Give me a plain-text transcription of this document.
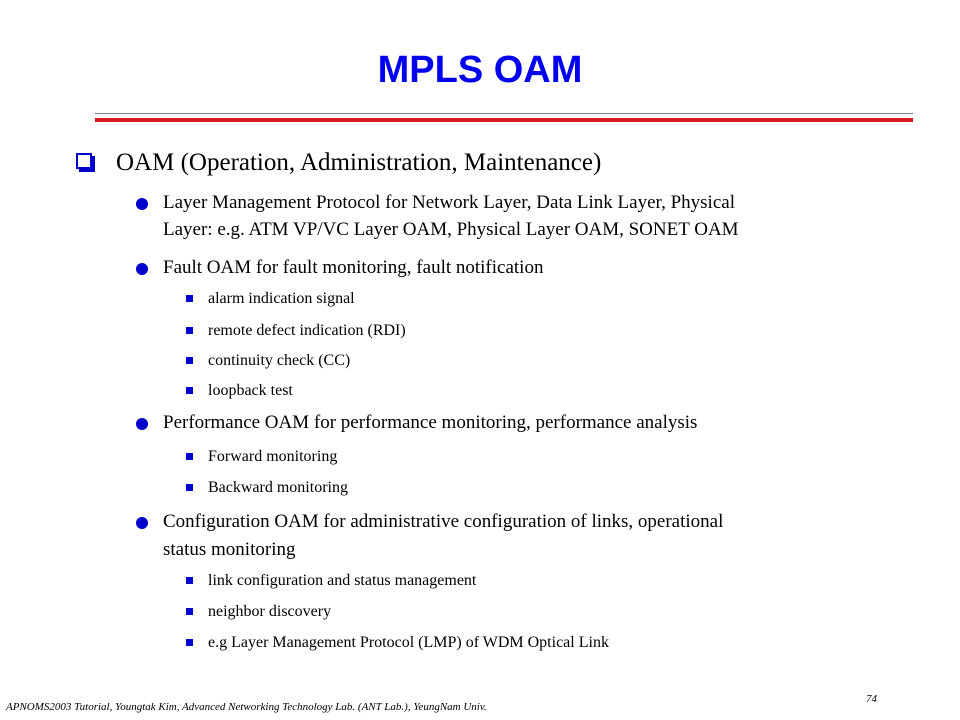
MPLS OAM
OAM (Operation, Administration, Maintenance)
Layer Management Protocol for Network Layer, Data Link Layer, Physical
Layer: e.g. ATM VP/VC Layer OAM, Physical Layer OAM, SONET OAM
Fault OAM for fault monitoring, fault notification
alarm indication signal
remote defect indication (RDI)
continuity check (CC)
loopback test
Performance OAM for performance monitoring, performance analysis
Forward monitoring
Backward monitoring
Configuration OAM for administrative configuration of links, operational
status monitoring
link configuration and status management
neighbor discovery
e.g Layer Management Protocol (LMP) of WDM Optical Link
74
APNOMS2003 Tutorial, Youngtak Kim, Advanced Networking Technology Lab. (ANT Lab.), YeungNam Univ.
